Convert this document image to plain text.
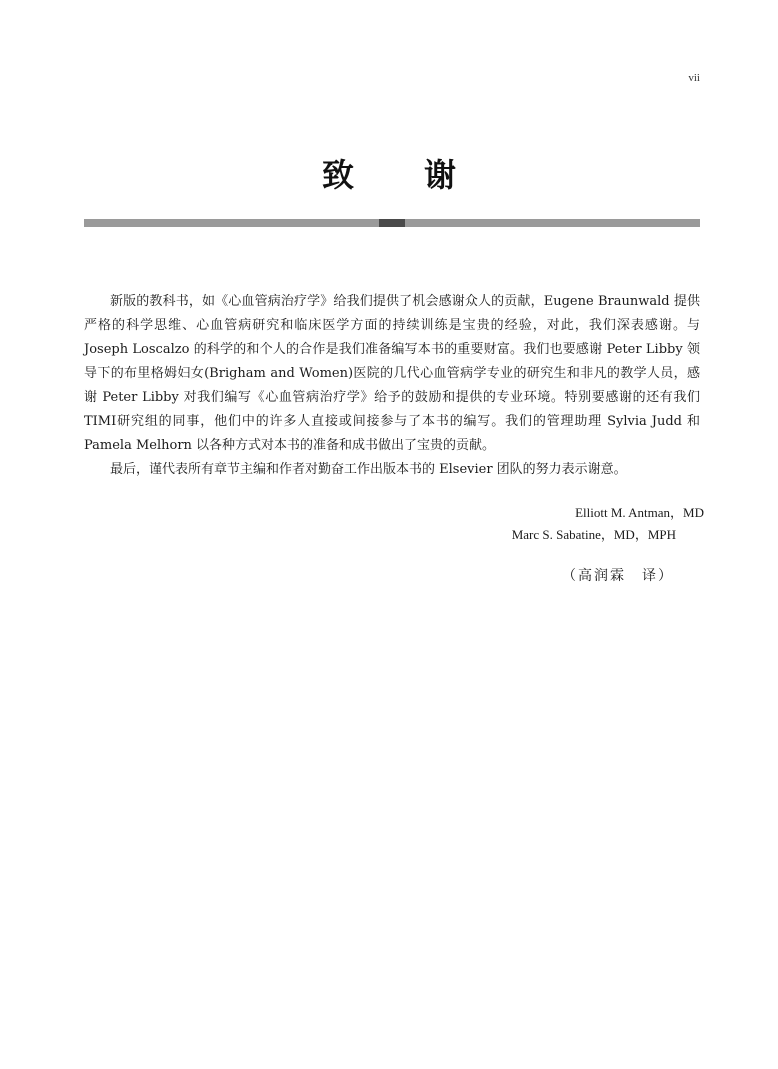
vii
致谢

新版的教科书，如《心血管病治疗学》给我们提供了机会感谢众人的贡献，Eugene Braunwald 提供严格的科学思维、心血管病研究和临床医学方面的持续训练是宝贵的经验，对此，我们深表感谢。与 Joseph Loscalzo 的科学的和个人的合作是我们准备编写本书的重要财富。我们也要感谢 Peter Libby 领导下的布里格姆妇女(Brigham and Women)医院的几代心血管病学专业的研究生和非凡的教学人员，感谢 Peter Libby 对我们编写《心血管病治疗学》给予的鼓励和提供的专业环境。特别要感谢的还有我们TIMI研究组的同事，他们中的许多人直接或间接参与了本书的编写。我们的管理助理 Sylvia Judd 和 Pamela Melhorn 以各种方式对本书的准备和成书做出了宝贵的贡献。

最后，谨代表所有章节主编和作者对勤奋工作出版本书的 Elsevier 团队的努力表示谢意。

Elliott M. Antman，MD
Marc S. Sabatine，MD，MPH
（高润霖　译）
